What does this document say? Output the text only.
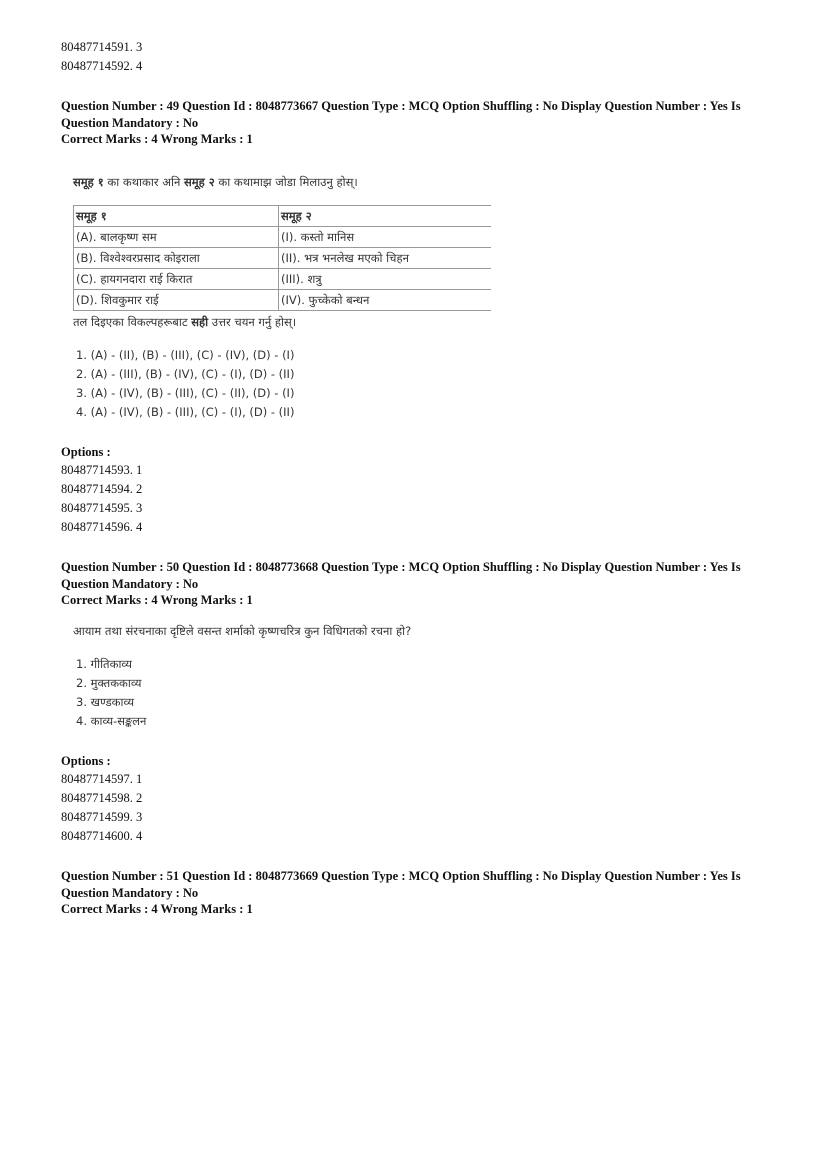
80487714591. 3
80487714592. 4
Question Number : 49 Question Id : 8048773667 Question Type : MCQ Option Shuffling : No Display Question Number : Yes Is
Question Mandatory : No
Correct Marks : 4 Wrong Marks : 1
समूह १ का कथाकार अनि समूह २ का कथामाझ जोडा मिलाउनु होस्।
समूह १	समूह २
(A). बालकृष्ण सम	(I). कस्तो मानिस
(B). विश्वेश्वरप्रसाद कोइराला	(II). भत्र भनलेख मएको चिहन
(C). हायगनदारा राई किरात	(III). शत्रु
(D). शिवकुमार राई	(IV). फुच्केको बन्धन
तल दिइएका विकल्पहरूबाट सही उत्तर चयन गर्नु होस्।
1. (A) - (II), (B) - (III), (C) - (IV), (D) - (I)
2. (A) - (III), (B) - (IV), (C) - (I), (D) - (II)
3. (A) - (IV), (B) - (III), (C) - (II), (D) - (I)
4. (A) - (IV), (B) - (III), (C) - (I), (D) - (II)
Options :
80487714593. 1
80487714594. 2
80487714595. 3
80487714596. 4
Question Number : 50 Question Id : 8048773668 Question Type : MCQ Option Shuffling : No Display Question Number : Yes Is
Question Mandatory : No
Correct Marks : 4 Wrong Marks : 1
आयाम तथा संरचनाका दृष्टिले वसन्त शर्माको कृष्णचरित्र कुन विधिगतको रचना हो?
1. गीतिकाव्य
2. मुक्तककाव्य
3. खण्डकाव्य
4. काव्य-सङ्कलन
Options :
80487714597. 1
80487714598. 2
80487714599. 3
80487714600. 4
Question Number : 51 Question Id : 8048773669 Question Type : MCQ Option Shuffling : No Display Question Number : Yes Is
Question Mandatory : No
Correct Marks : 4 Wrong Marks : 1
